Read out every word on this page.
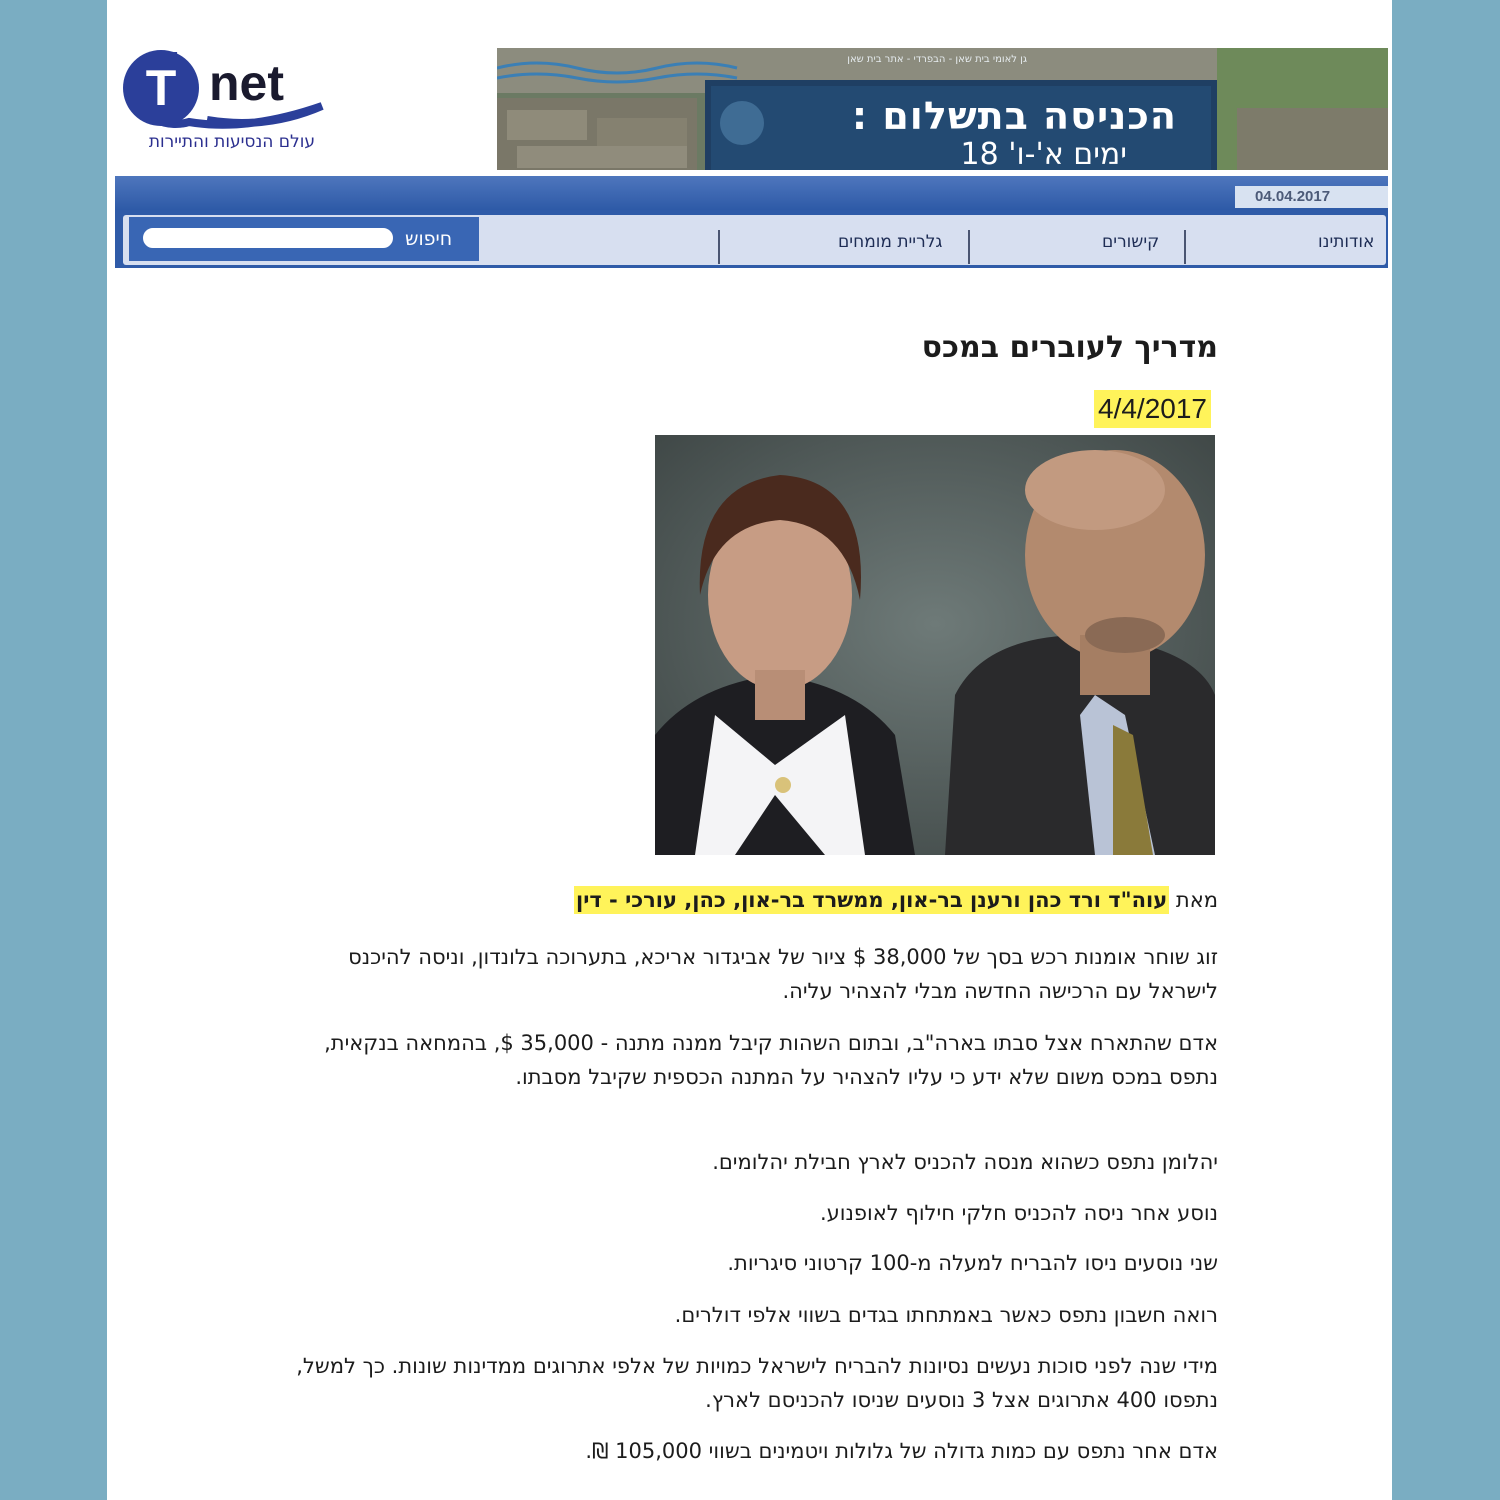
T net
עולם הנסיעות והתיירות
גן לאומי בית שאן - הבפרדי - אתר בית שאן
הכניסה בתשלום :
ימים א'-ו' 18
04.04.2017
חיפוש	אודותינו
קישורים
גלריית מומחים
מדריך לעוברים במכס
4/4/2017
מאת עוה"ד ורד כהן ורענן בר-און, ממשרד בר-און, כהן, עורכי - דין
זוג שוחר אומנות רכש בסך של 38,000 $ ציור של אביגדור אריכא, בתערוכה בלונדון, וניסה להיכנס לישראל עם הרכישה החדשה מבלי להצהיר עליה.
אדם שהתארח אצל סבתו בארה"ב, ובתום השהות קיבל ממנה מתנה - 35,000 $, בהמחאה בנקאית, נתפס במכס משום שלא ידע כי עליו להצהיר על המתנה הכספית שקיבל מסבתו.
יהלומן נתפס כשהוא מנסה להכניס לארץ חבילת יהלומים.
נוסע אחר ניסה להכניס חלקי חילוף לאופנוע.
שני נוסעים ניסו להבריח למעלה מ-100 קרטוני סיגריות.
רואה חשבון נתפס כאשר באמתחתו בגדים בשווי אלפי דולרים.
מידי שנה לפני סוכות נעשים נסיונות להבריח לישראל כמויות של אלפי אתרוגים ממדינות שונות. כך למשל, נתפסו 400 אתרוגים אצל 3 נוסעים שניסו להכניסם לארץ.
אדם אחר נתפס עם כמות גדולה של גלולות ויטמינים בשווי 105,000 ₪.
